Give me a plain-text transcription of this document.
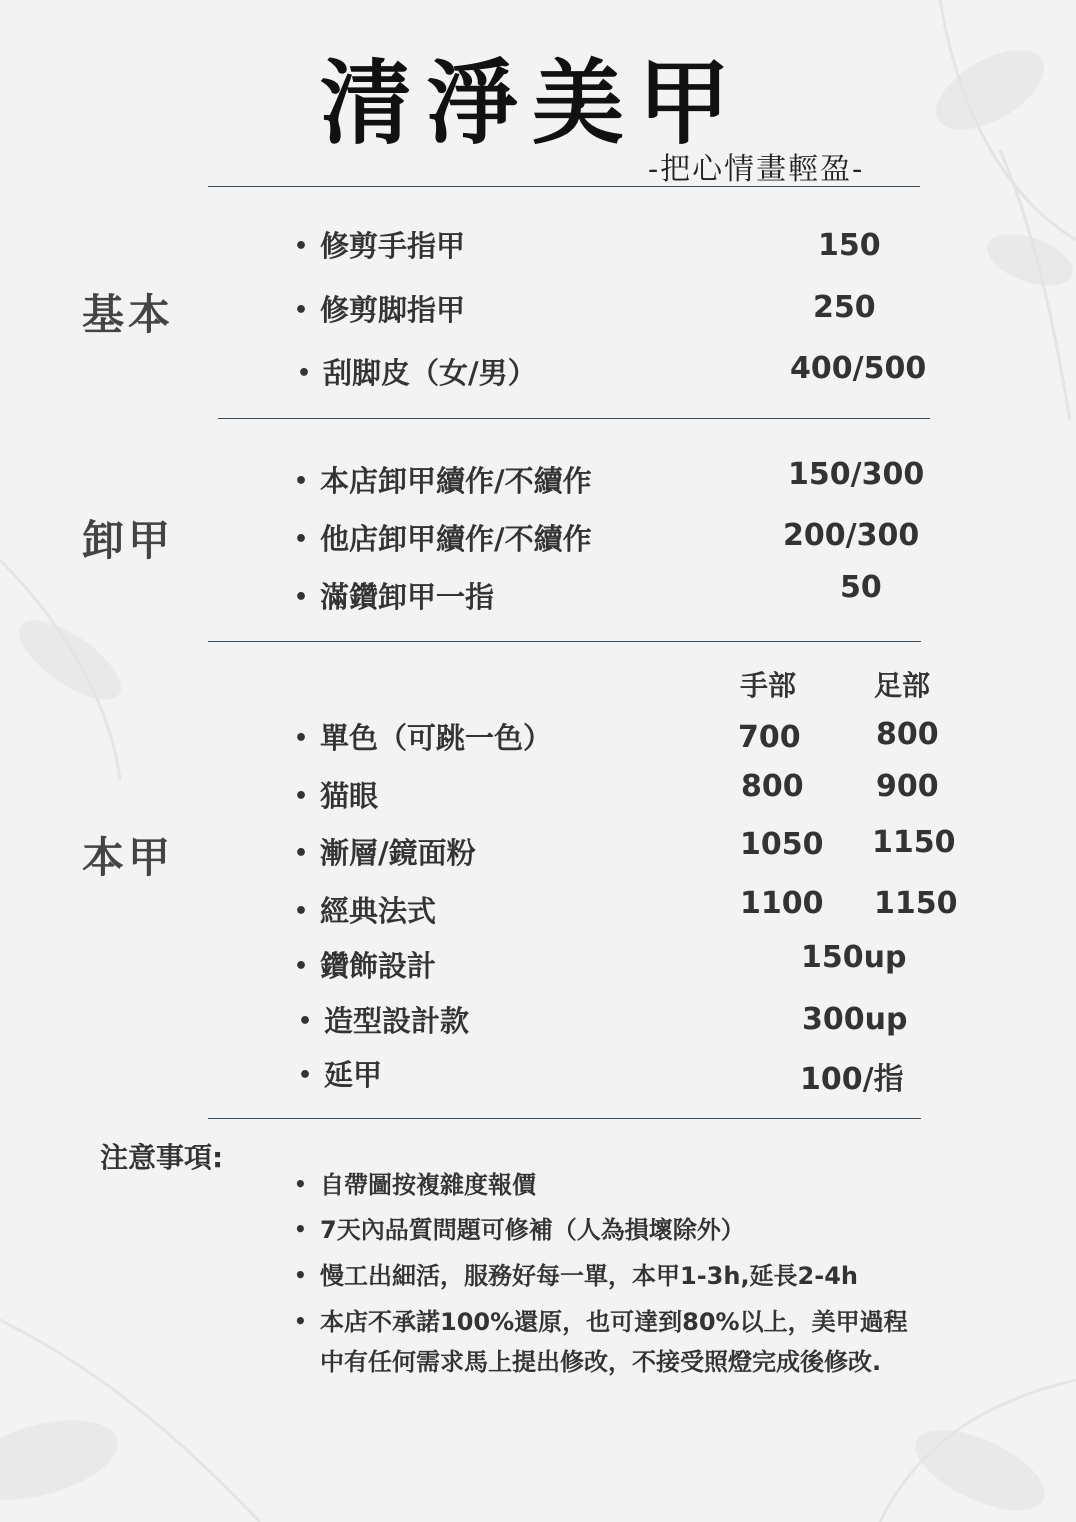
清淨美甲
-把心情畫輕盈-
基本
• 修剪手指甲	150
• 修剪脚指甲	250
• 刮脚皮（女/男）	400/500
卸甲
• 本店卸甲續作/不續作	150/300
• 他店卸甲續作/不續作	200/300
• 滿鑽卸甲一指	50
本甲
手部	足部
• 單色（可跳一色）	700	800
• 猫眼	800 900
• 漸層/鏡面粉	1050 1150
• 經典法式	1100 1150
• 鑽飾設計	150up
• 造型設計款	300up
• 延甲	100/指
注意事項:
• 自帶圖按複雜度報價
• 7天內品質問題可修補（人為損壞除外）
• 慢工出細活，服務好每一單，本甲1-3h,延長2-4h
• 本店不承諾100%還原，也可達到80%以上，美甲過程
中有任何需求馬上提出修改，不接受照燈完成後修改.
